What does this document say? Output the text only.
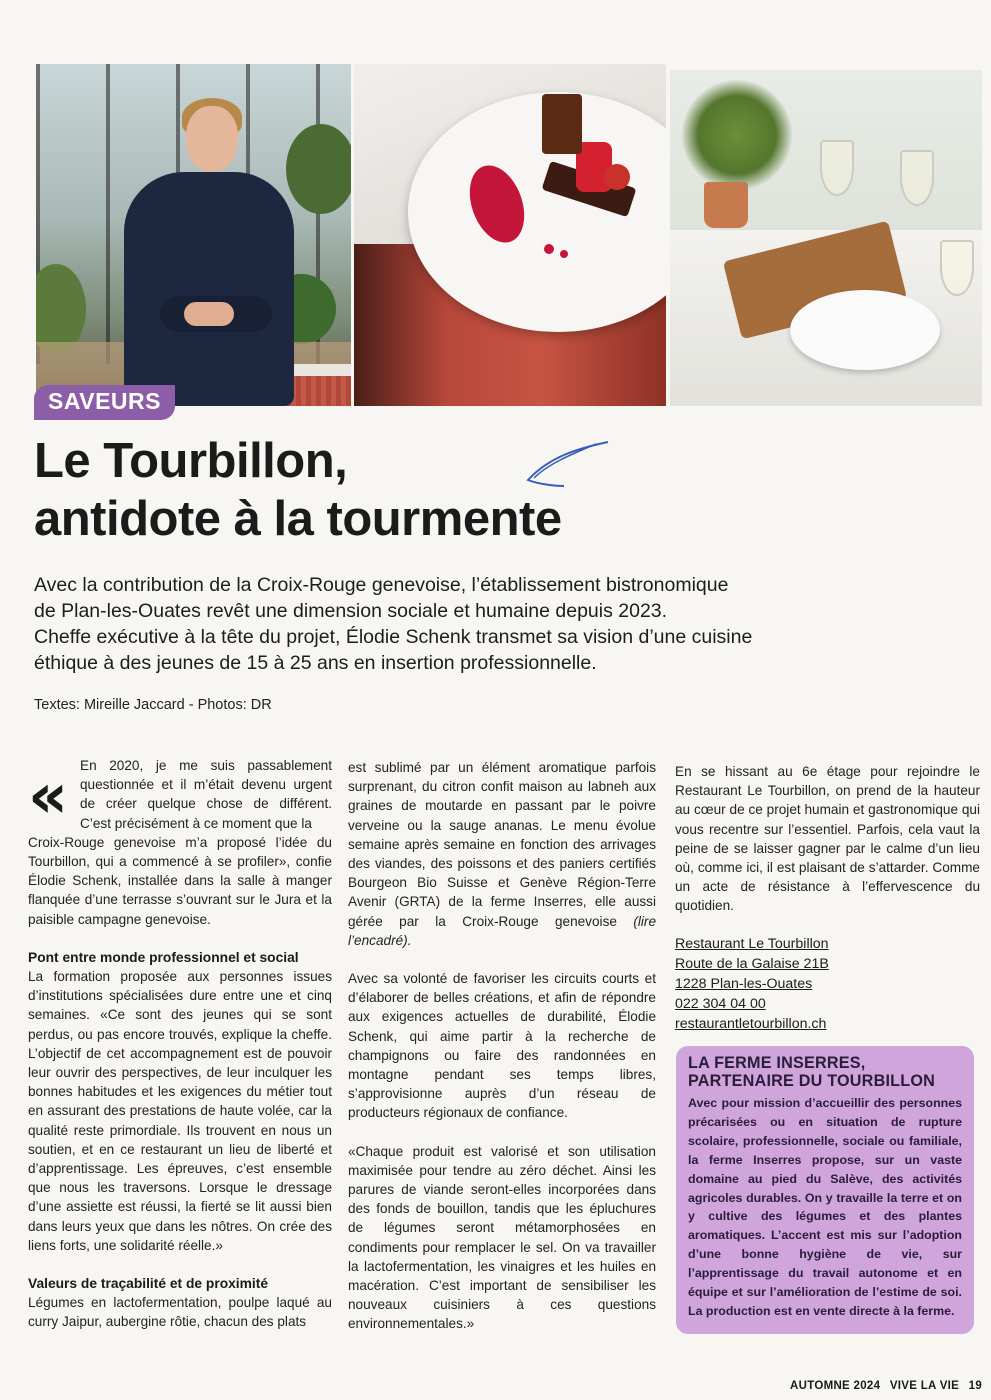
SAVEURS
Le Tourbillon,
antidote à la tourmente
Avec la contribution de la Croix-Rouge genevoise, l’établissement bistronomique
de Plan-les-Ouates revêt une dimension sociale et humaine depuis 2023.
Cheffe exécutive à la tête du projet, Élodie Schenk transmet sa vision d’une cuisine
éthique à des jeunes de 15 à 25 ans en insertion professionnelle.
Textes: Mireille Jaccard - Photos: DR
« En 2020, je me suis passablement questionnée et il m’était devenu urgent de créer quelque chose de différent. C’est précisément à ce moment que la

Croix-Rouge genevoise m’a proposé l’idée du Tourbillon, qui a commencé à se profiler», confie Élodie Schenk, installée dans la salle à manger flanquée d’une terrasse s’ouvrant sur le Jura et la paisible campagne genevoise.

Pont entre monde professionnel et social

La formation proposée aux personnes issues d’institutions spécialisées dure entre une et cinq semaines. «Ce sont des jeunes qui se sont perdus, ou pas encore trouvés, explique la cheffe. L’objectif de cet accompagnement est de pouvoir leur ouvrir des perspectives, de leur inculquer les bonnes habitudes et les exigences du métier tout en assurant des prestations de haute volée, car la qualité reste primordiale. Ils trouvent en nous un soutien, et en ce restaurant un lieu de liberté et d’apprentissage. Les épreuves, c’est ensemble que nous les traversons. Lorsque le dressage d’une assiette est réussi, la fierté se lit aussi bien dans leurs yeux que dans les nôtres. On crée des liens forts, une solidarité réelle.»

Valeurs de traçabilité et de proximité

Légumes en lactofermentation, poulpe laqué au curry Jaipur, aubergine rôtie, chacun des plats

est sublimé par un élément aromatique parfois surprenant, du citron confit maison au labneh aux graines de moutarde en passant par le poivre verveine ou la sauge ananas. Le menu évolue semaine après semaine en fonction des arrivages des viandes, des poissons et des paniers certifiés Bourgeon Bio Suisse et Genève Région-Terre Avenir (GRTA) de la ferme Inserres, elle aussi gérée par la Croix-Rouge genevoise (lire l’encadré).

Avec sa volonté de favoriser les circuits courts et d’élaborer de belles créations, et afin de répondre aux exigences actuelles de durabilité, Élodie Schenk, qui aime partir à la recherche de champignons ou faire des randonnées en montagne pendant ses temps libres, s’approvisionne auprès d’un réseau de producteurs régionaux de confiance.

«Chaque produit est valorisé et son utilisation maximisée pour tendre au zéro déchet. Ainsi les parures de viande seront-elles incorporées dans des fonds de bouillon, tandis que les épluchures de légumes seront métamorphosées en condiments pour remplacer le sel. On va travailler la lactofermentation, les vinaigres et les huiles en macération. C’est important de sensibiliser les nouveaux cuisiniers à ces questions environnementales.»

En se hissant au 6e étage pour rejoindre le Restaurant Le Tourbillon, on prend de la hauteur au cœur de ce projet humain et gastronomique qui vous recentre sur l’essentiel. Parfois, cela vaut la peine de se laisser gagner par le calme d’un lieu où, comme ici, il est plaisant de s’attarder. Comme un acte de résistance à l’effervescence du quotidien.

Restaurant Le Tourbillon
Route de la Galaise 21B
1228 Plan-les-Ouates
022 304 04 00
restaurantletourbillon.ch
LA FERME INSERRES,
PARTENAIRE DU TOURBILLON

Avec pour mission d’accueillir des personnes précarisées ou en situation de rupture scolaire, professionnelle, sociale ou familiale, la ferme Inserres propose, sur un vaste domaine au pied du Salève, des activités agricoles durables. On y travaille la terre et on y cultive des légumes et des plantes aromatiques. L’accent est mis sur l’adoption d’une bonne hygiène de vie, sur l’apprentissage du travail autonome et en équipe et sur l’amélioration de l’estime de soi. La production est en vente directe à la ferme.

AUTOMNE 2024 VIVE LA VIE 19
